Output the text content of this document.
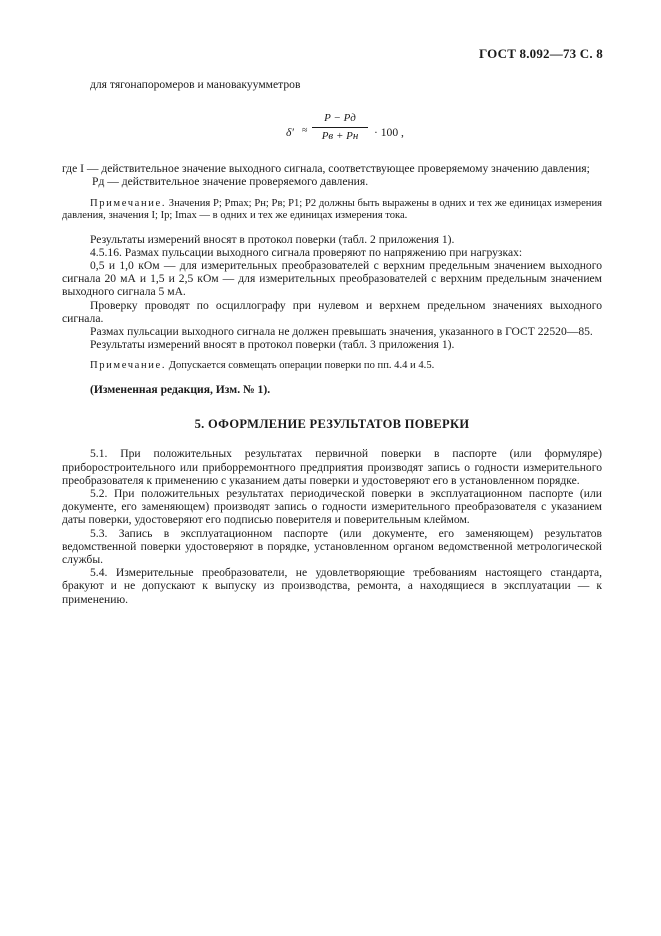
ГОСТ 8.092—73 С. 8

для тягонапоромеров и мановакуумметров

δ′ ≈
P − Pд
Pв + Pн	· 100 ,

где I — действительное значение выходного сигнала, соответствующее проверяемому значению давления;

Pд — действительное значение проверяемого давления.

Примечание. Значения P; Pmax; Pн; Pв; P1; P2 должны быть выражены в одних и тех же единицах измерения давления, значения I; Ip; Imax — в одних и тех же единицах измерения тока.

Результаты измерений вносят в протокол поверки (табл. 2 приложения 1).

4.5.16. Размах пульсации выходного сигнала проверяют по напряжению при нагрузках:

0,5 и 1,0 кОм — для измерительных преобразователей с верхним предельным значением выходного сигнала 20 мА и 1,5 и 2,5 кОм — для измерительных преобразователей с верхним предельным значением выходного сигнала 5 мА.

Проверку проводят по осциллографу при нулевом и верхнем предельном значениях выходного сигнала.

Размах пульсации выходного сигнала не должен превышать значения, указанного в ГОСТ 22520—85.

Результаты измерений вносят в протокол поверки (табл. 3 приложения 1).

Примечание. Допускается совмещать операции поверки по пп. 4.4 и 4.5.

(Измененная редакция, Изм. № 1).

5. ОФОРМЛЕНИЕ РЕЗУЛЬТАТОВ ПОВЕРКИ

5.1. При положительных результатах первичной поверки в паспорте (или формуляре) приборостроительного или приборремонтного предприятия производят запись о годности измерительного преобразователя к применению с указанием даты поверки и удостоверяют его в установленном порядке.

5.2. При положительных результатах периодической поверки в эксплуатационном паспорте (или документе, его заменяющем) производят запись о годности измерительного преобразователя с указанием даты поверки, удостоверяют его подписью поверителя и поверительным клеймом.

5.3. Запись в эксплуатационном паспорте (или документе, его заменяющем) результатов ведомственной поверки удостоверяют в порядке, установленном органом ведомственной метрологической службы.

5.4. Измерительные преобразователи, не удовлетворяющие требованиям настоящего стандарта, бракуют и не допускают к выпуску из производства, ремонта, а находящиеся в эксплуатации — к применению.
